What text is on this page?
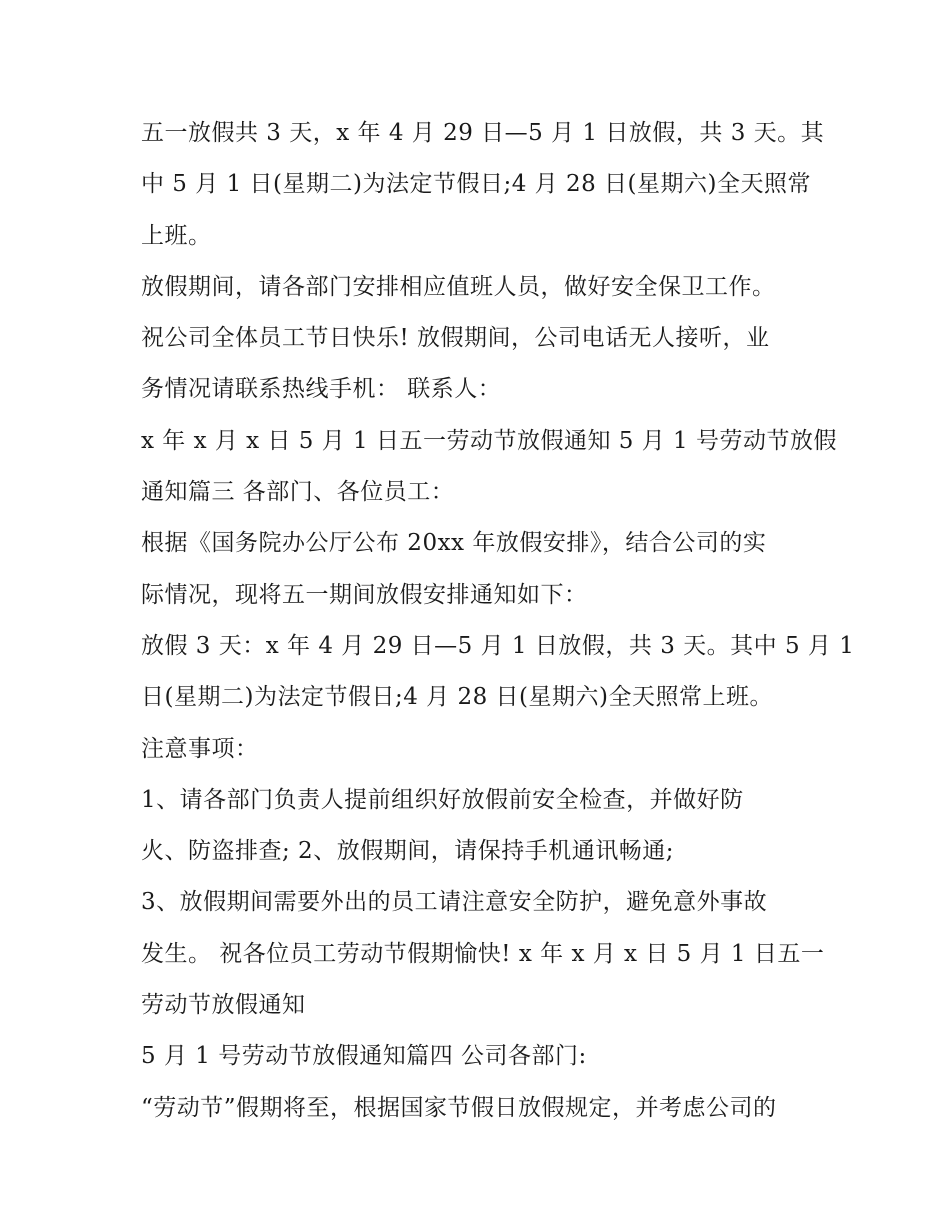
五一放假共 3 天，x 年 4 月 29 日—5 月 1 日放假，共 3 天。其
中 5 月 1 日(星期二)为法定节假日;4 月 28 日(星期六)全天照常
上班。
放假期间，请各部门安排相应值班人员，做好安全保卫工作。
祝公司全体员工节日快乐! 放假期间，公司电话无人接听，业
务情况请联系热线手机： 联系人：
x 年 x 月 x 日 5 月 1 日五一劳动节放假通知 5 月 1 号劳动节放假
通知篇三 各部门、各位员工：
根据《国务院办公厅公布 20xx 年放假安排》，结合公司的实
际情况，现将五一期间放假安排通知如下：
放假 3 天：x 年 4 月 29 日—5 月 1 日放假，共 3 天。其中 5 月 1
日(星期二)为法定节假日;4 月 28 日(星期六)全天照常上班。
注意事项：
1、请各部门负责人提前组织好放假前安全检查，并做好防
火、防盗排查; 2、放假期间，请保持手机通讯畅通;
3、放假期间需要外出的员工请注意安全防护，避免意外事故
发生。 祝各位员工劳动节假期愉快! x 年 x 月 x 日 5 月 1 日五一
劳动节放假通知
5 月 1 号劳动节放假通知篇四 公司各部门:
“劳动节”假期将至，根据国家节假日放假规定，并考虑公司的
